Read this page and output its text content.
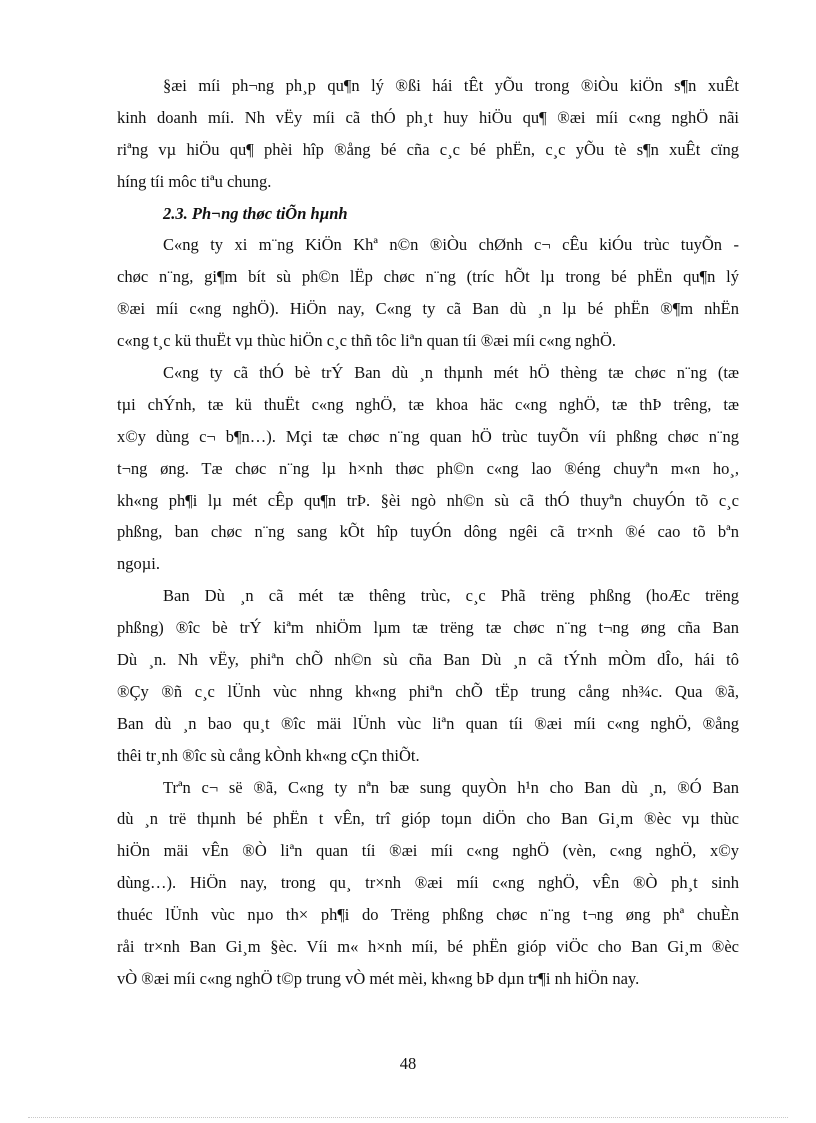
§æi míi ph¬ng ph¸p qu¶n lý ®ßi hái tÊt yÕu trong ®iÒu kiÖn s¶n xuÊt
kinh doanh míi. Nh vËy míi cã thÓ ph¸t huy hiÖu qu¶ ®æi míi c«ng nghÖ nãi
riªng vµ hiÖu qu¶ phèi hîp ®ång bé cña c¸c bé phËn, c¸c yÕu tè s¶n xuÊt cïng
híng tíi môc tiªu chung.
2.3. Ph¬ng thøc tiÕn hµnh
C«ng ty xi m¨ng KiÖn Khª n©n ®iÒu chØnh c¬ cÊu kiÓu trùc tuyÕn -
chøc n¨ng, gi¶m bít sù ph©n lËp chøc n¨ng (tríc hÕt lµ trong bé phËn qu¶n lý
®æi míi c«ng nghÖ). HiÖn nay, C«ng ty cã Ban dù ¸n lµ bé phËn ®¶m nhËn
c«ng t¸c kü thuËt vµ thùc hiÖn c¸c thñ tôc liªn quan tíi ®æi míi c«ng nghÖ.
C«ng ty cã thÓ bè trÝ Ban dù ¸n thµnh mét hÖ thèng tæ chøc n¨ng (tæ
tµi chÝnh, tæ kü thuËt c«ng nghÖ, tæ khoa häc c«ng nghÖ, tæ thÞ trêng, tæ
x©y dùng c¬ b¶n…). Mçi tæ chøc n¨ng quan hÖ trùc tuyÕn víi phßng chøc n¨ng
t¬ng øng. Tæ chøc n¨ng lµ h×nh thøc ph©n c«ng lao ®éng chuyªn m«n ho¸,
kh«ng ph¶i lµ mét cÊp qu¶n trÞ. §èi ngò nh©n sù cã thÓ thuyªn chuyÓn tõ c¸c
phßng, ban chøc n¨ng sang kÕt hîp tuyÓn dông ngêi cã tr×nh ®é cao tõ bªn
ngoµi.
Ban Dù ¸n cã mét tæ thêng trùc, c¸c Phã trëng phßng (hoÆc trëng
phßng) ®îc bè trÝ kiªm nhiÖm lµm tæ trëng tæ chøc n¨ng t¬ng øng cña Ban
Dù ¸n. Nh vËy, phiªn chÕ nh©n sù cña Ban Dù ¸n cã tÝnh mÒm dÎo, hái tô
®Çy ®ñ c¸c lÜnh vùc nhng kh«ng phiªn chÕ tËp trung cång nh¾c. Qua ®ã,
Ban dù ¸n bao qu¸t ®îc mäi lÜnh vùc liªn quan tíi ®æi míi c«ng nghÖ, ®ång
thêi tr¸nh ®îc sù cång kÒnh kh«ng cÇn thiÕt.
Trªn c¬ së ®ã, C«ng ty nªn bæ sung quyÒn h¹n cho Ban dù ¸n, ®Ó Ban
dù ¸n trë thµnh bé phËn t vÊn, trî gióp toµn diÖn cho Ban Gi¸m ®èc vµ thùc
hiÖn mäi vÊn ®Ò liªn quan tíi ®æi míi c«ng nghÖ (vèn, c«ng nghÖ, x©y
dùng…). HiÖn nay, trong qu¸ tr×nh ®æi míi c«ng nghÖ, vÊn ®Ò ph¸t sinh
thuéc lÜnh vùc nµo th× ph¶i do Trëng phßng chøc n¨ng t¬ng øng phª chuÈn
råi tr×nh Ban Gi¸m §èc. Víi m« h×nh míi, bé phËn gióp viÖc cho Ban Gi¸m ®èc
vÒ ®æi míi c«ng nghÖ t©p trung vÒ mét mèi, kh«ng bÞ dµn tr¶i nh hiÖn nay.
48
